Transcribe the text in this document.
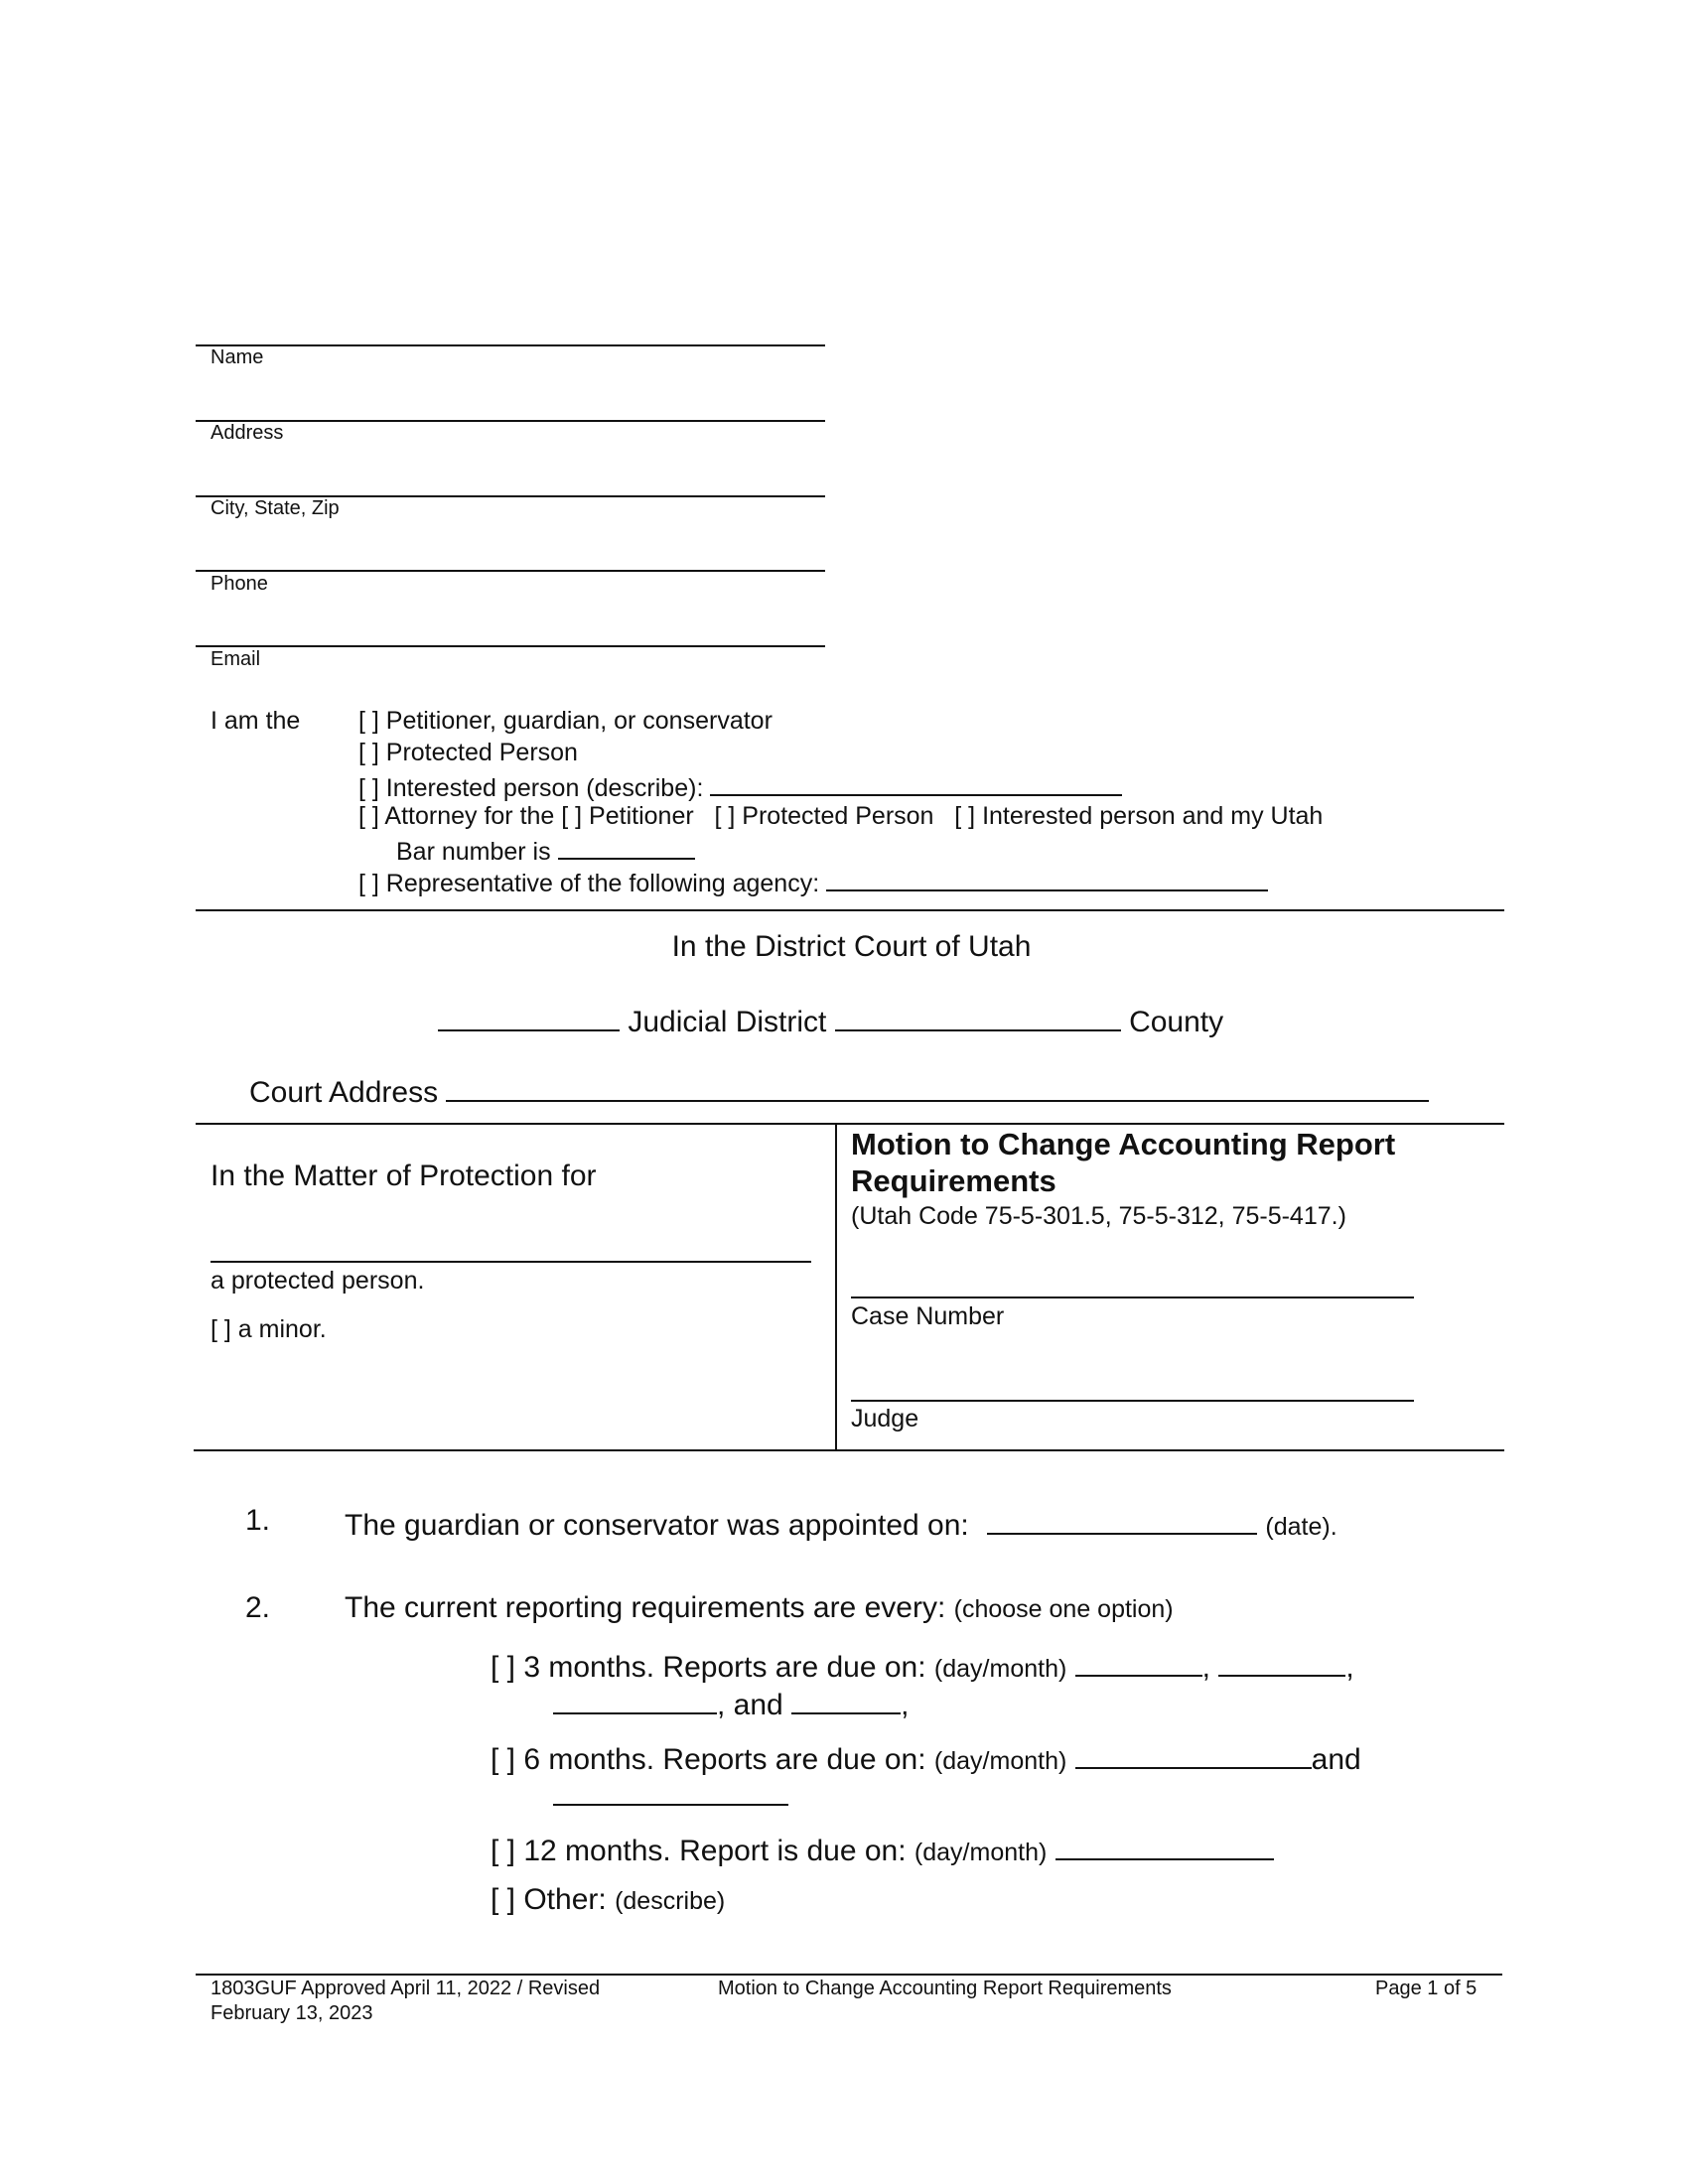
Name
Address
City, State, Zip
Phone
Email
I am the [ ] Petitioner, guardian, or conservator
[ ] Protected Person
[ ] Interested person (describe):
[ ] Attorney for the [ ] Petitioner   [ ] Protected Person   [ ] Interested person and my Utah
Bar number is
[ ] Representative of the following agency:
In the District Court of Utah
Judicial District	County
Court Address
In the Matter of Protection for
a protected person.
[ ] a minor.
Motion to Change Accounting Report
Requirements
(Utah Code 75-5-301.5, 75-5-312, 75-5-417.)
Case Number
Judge
1. The guardian or conservator was appointed on:	(date).
2. The current reporting requirements are every: (choose one option)
[ ] 3 months. Reports are due on: (day/month)	,	,
, and	,
[ ] 6 months. Reports are due on: (day/month)	and
[ ] 12 months. Report is due on: (day/month)
[ ] Other: (describe)
1803GUF Approved April 11, 2022 / Revised
February 13, 2023
Motion to Change Accounting Report Requirements	Page 1 of 5
